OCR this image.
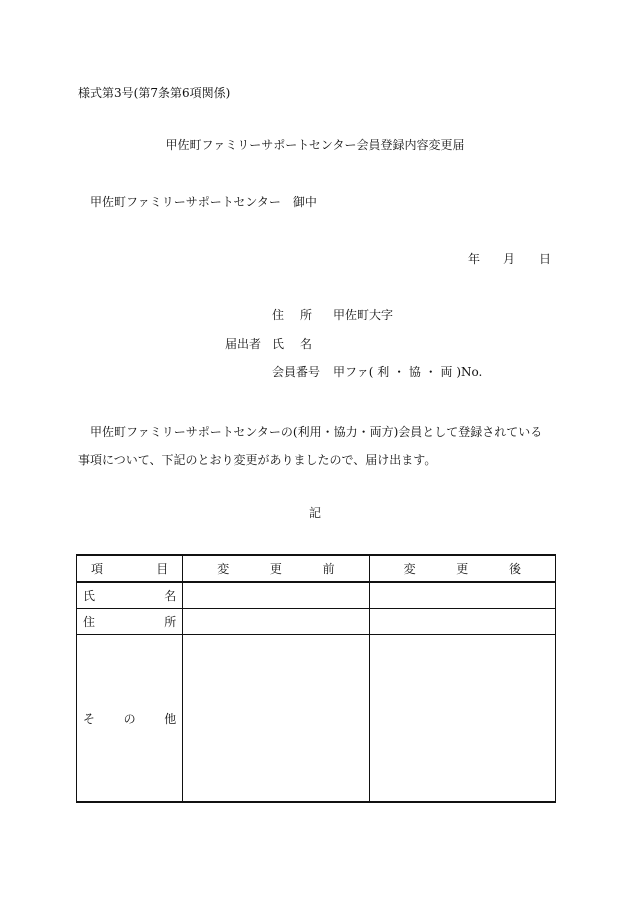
様式第3号(第7条第6項関係)
甲佐町ファミリーサポートセンター会員登録内容変更届
甲佐町ファミリーサポートセンター　御中
年 月 日
住所 甲佐町大字
届出者 氏名
会員番号 甲ファ( 利 ・ 協 ・ 両 )No.
甲佐町ファミリーサポートセンターの(利用・協力・両方)会員として登録されている事項について、下記のとおり変更がありましたので、届け出ます。
記
項 目	変 更 前	変 更 後

氏 名		

住 所		

そ の 他		
